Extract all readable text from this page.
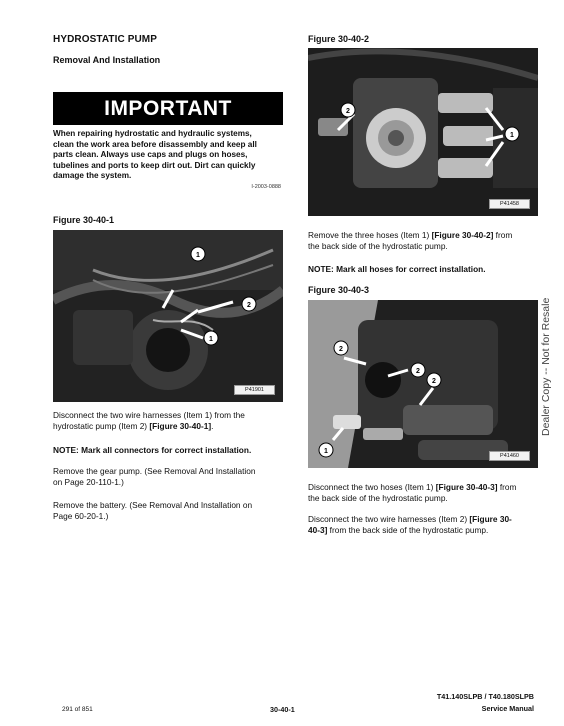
HYDROSTATIC PUMP
Removal And Installation
IMPORTANT
When repairing hydrostatic and hydraulic systems,
clean the work area before disassembly and keep all
parts clean. Always use caps and plugs on hoses,
tubelines and ports to keep dirt out. Dirt can quickly
damage the system.
I-2003-0888
Figure 30-40-1
1
2
1
P41901
Disconnect the two wire harnesses (Item 1) from the
hydrostatic pump (Item 2) [Figure 30-40-1].
NOTE: Mark all connectors for correct installation.
Remove the gear pump. (See Removal And Installation
on Page 20-110-1.)
Remove the battery. (See Removal And Installation on
Page 60-20-1.)
Figure 30-40-2
2
1
P41458
Remove the three hoses (Item 1) [Figure 30-40-2] from
the back side of the hydrostatic pump.
NOTE: Mark all hoses for correct installation.
Figure 30-40-3
2
2
2
1
P41460
Disconnect the two hoses (Item 1) [Figure 30-40-3] from
the back side of the hydrostatic pump.
Disconnect the two wire harnesses (Item 2) [Figure 30-
40-3] from the back side of the hydrostatic pump.
Dealer Copy -- Not for Resale
291 of 851	30-40-1
T41.140SLPB / T40.180SLPB
Service Manual
